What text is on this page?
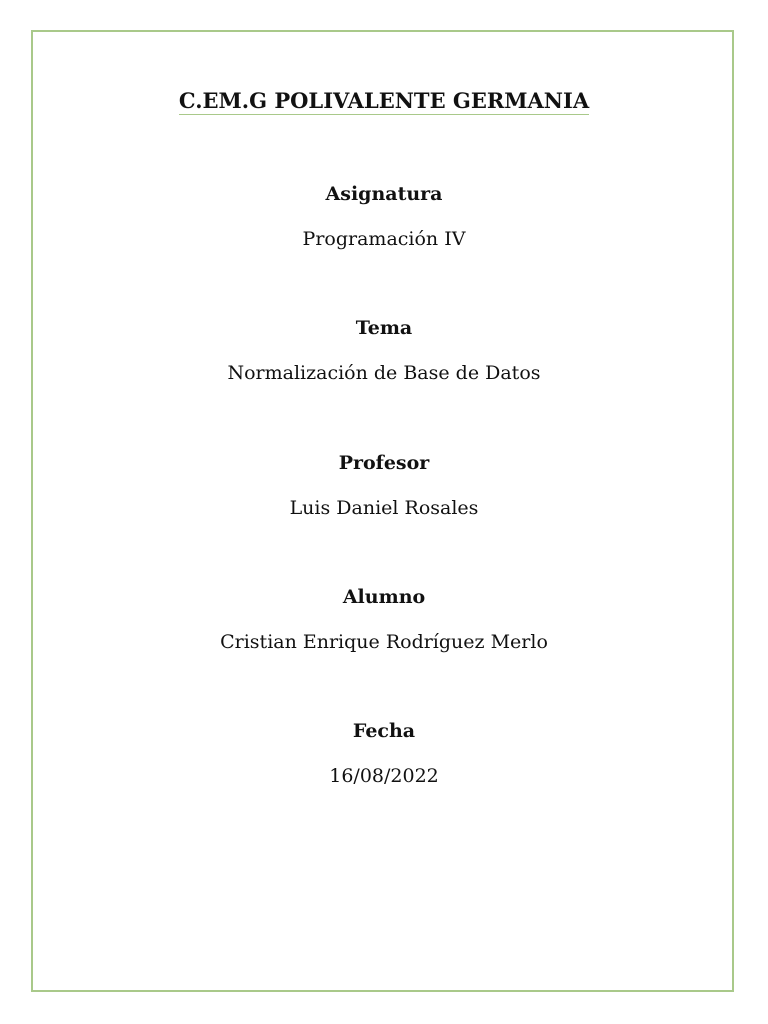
C.EM.G POLIVALENTE GERMANIA

Asignatura

Programación IV

Tema

Normalización de Base de Datos

Profesor

Luis Daniel Rosales

Alumno

Cristian Enrique Rodríguez Merlo

Fecha

16/08/2022
